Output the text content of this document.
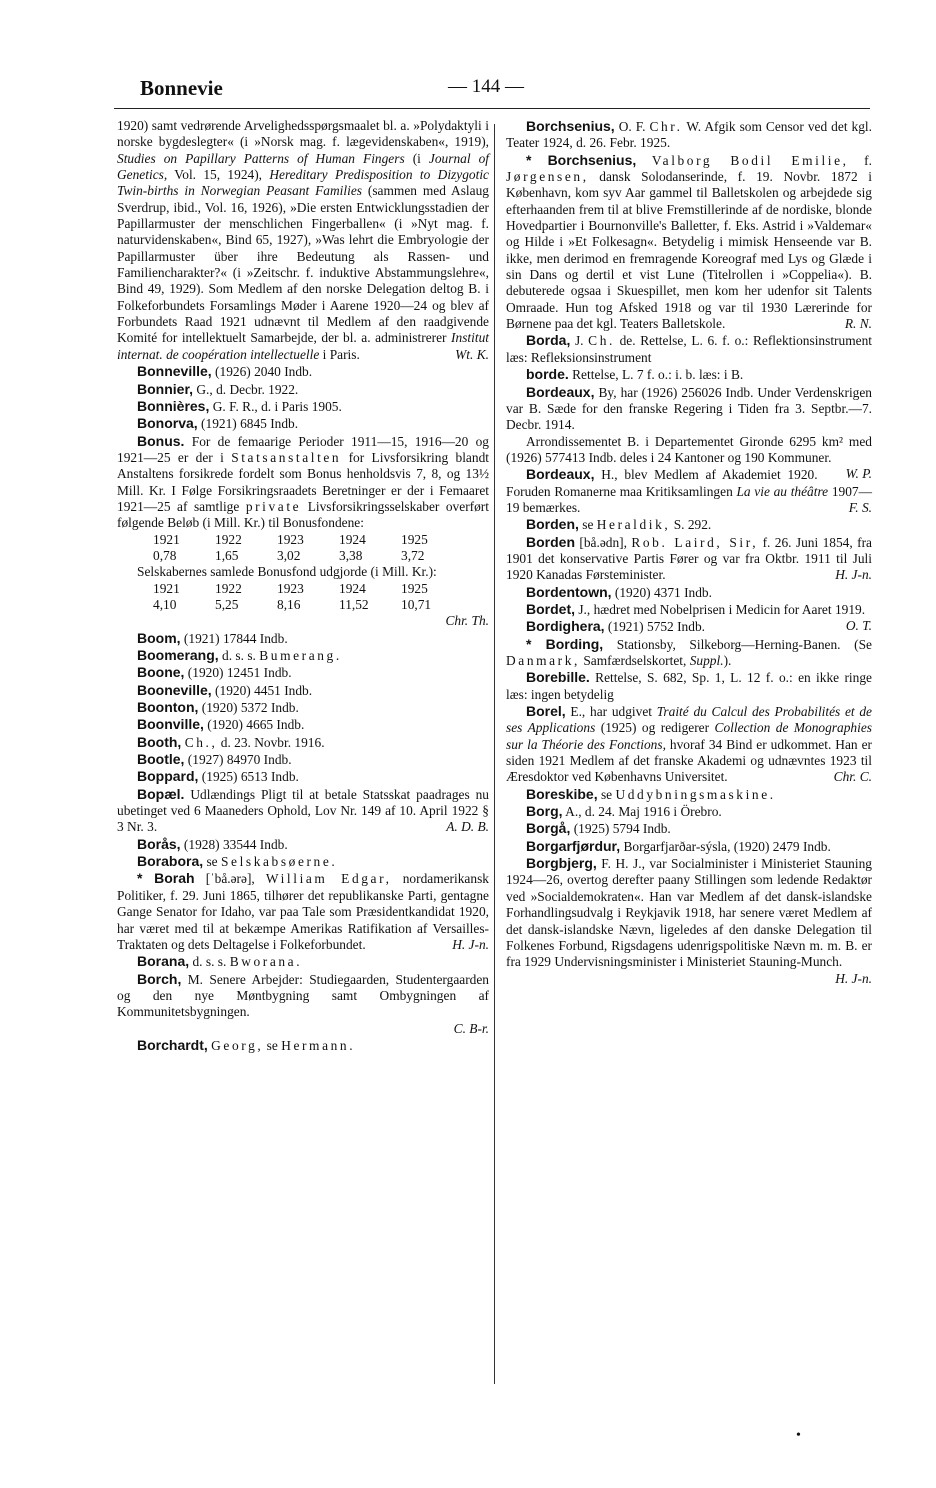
Bonnevie	— 144 —

1920) samt vedrørende Arvelighedsspørgsmaalet bl. a. »Polydaktyli i norske bygdeslegter« (i »Norsk mag. f. lægevidenskaben«, 1919), Studies on Papillary Patterns of Human Fingers (i Journal of Genetics, Vol. 15, 1924), Hereditary Predisposition to Dizygotic Twin-births in Norwegian Peasant Families (sammen med Aslaug Sverdrup, ibid., Vol. 16, 1926), »Die ersten Entwicklungsstadien der Papillarmuster der menschlichen Fingerballen« (i »Nyt mag. f. naturvidenskaben«, Bind 65, 1927), »Was lehrt die Embryologie der Papillarmuster über ihre Bedeutung als Rassen- und Familiencharakter?« (i »Zeitschr. f. induktive Abstammungslehre«, Bind 49, 1929). Som Medlem af den norske Delegation deltog B. i Folkeforbundets Forsamlings Møder i Aarene 1920—24 og blev af Forbundets Raad 1921 udnævnt til Medlem af den raadgivende Komité for intellektuelt Samarbejde, der bl. a. administrerer Institut internat. de coopération intellectuelle i Paris.	Wt. K.

Bonneville, (1926) 2040 Indb.

Bonnier, G., d. Decbr. 1922.

Bonnières, G. F. R., d. i Paris 1905.

Bonorva, (1921) 6845 Indb.

Bonus. For de femaarige Perioder 1911—15, 1916—20 og 1921—25 er der i Statsanstalten for Livsforsikring blandt Anstaltens forsikrede fordelt som Bonus henholdsvis 7, 8, og 13½ Mill. Kr. I Følge Forsikringsraadets Beretninger er der i Femaaret 1921—25 af samtlige private Livsforsikringsselskaber overført følgende Beløb (i Mill. Kr.) til Bonusfondene:

1921	1922	1923	1924	1925
0,78	1,65	3,02	3,38	3,72

Selskabernes samlede Bonusfond udgjorde (i Mill. Kr.):

1921	1922	1923	1924	1925
4,10	5,25	8,16	11,52	10,71
Chr. Th.

Boom, (1921) 17844 Indb.

Boomerang, d. s. s. Bumerang.

Boone, (1920) 12451 Indb.

Booneville, (1920) 4451 Indb.

Boonton, (1920) 5372 Indb.

Boonville, (1920) 4665 Indb.

Booth, Ch., d. 23. Novbr. 1916.

Bootle, (1927) 84970 Indb.

Boppard, (1925) 6513 Indb.

Bopæl. Udlændings Pligt til at betale Statsskat paadrages nu ubetinget ved 6 Maaneders Ophold, Lov Nr. 149 af 10. April 1922 § 3 Nr. 3.	A. D. B.

Borås, (1928) 33544 Indb.

Borabora, se Selskabsøerne.

* Borah [ˈbå.ərə], William Edgar, nordamerikansk Politiker, f. 29. Juni 1865, tilhører det republikanske Parti, gentagne Gange Senator for Idaho, var paa Tale som Præsidentkandidat 1920, har været med til at bekæmpe Amerikas Ratifikation af Versailles-Traktaten og dets Deltagelse i Folkeforbundet.	H. J-n.

Borana, d. s. s. Bworana.

Borch, M. Senere Arbejder: Studiegaarden, Studentergaarden og den nye Møntbygning samt Ombygningen af Kommunitetsbygningen.

C. B-r.

Borchardt, Georg, se Hermann.

Borchsenius, O. F. Chr. W. Afgik som Censor ved det kgl. Teater 1924, d. 26. Febr. 1925.

* Borchsenius, Valborg Bodil Emilie, f. Jørgensen, dansk Solodanserinde, f. 19. Novbr. 1872 i København, kom syv Aar gammel til Balletskolen og arbejdede sig efterhaanden frem til at blive Fremstillerinde af de nordiske, blonde Hovedpartier i Bournonville's Balletter, f. Eks. Astrid i »Valdemar« og Hilde i »Et Folkesagn«. Betydelig i mimisk Henseende var B. ikke, men derimod en fremragende Koreograf med Lys og Glæde i sin Dans og dertil et vist Lune (Titelrollen i »Coppelia«). B. debuterede ogsaa i Skuespillet, men kom her udenfor sit Talents Omraade. Hun tog Afsked 1918 og var til 1930 Lærerinde for Børnene paa det kgl. Teaters Balletskole.	R. N.

Borda, J. Ch. de. Rettelse, L. 6. f. o.: Reflektionsinstrument læs: Refleksionsinstrument

borde. Rettelse, L. 7 f. o.: i. b. læs: i B.

Bordeaux, By, har (1926) 256026 Indb. Under Verdenskrigen var B. Sæde for den franske Regering i Tiden fra 3. Septbr.—7. Decbr. 1914.

Arrondissementet B. i Departementet Gironde 6295 km² med (1926) 577413 Indb. deles i 24 Kantoner og 190 Kommuner.
W. P.

Bordeaux, H., blev Medlem af Akademiet 1920. Foruden Romanerne maa Kritiksamlingen La vie au théâtre 1907—19 bemærkes.	F. S.

Borden, se Heraldik, S. 292.

Borden [bå.ədn], Rob. Laird, Sir, f. 26. Juni 1854, fra 1901 det konservative Partis Fører og var fra Oktbr. 1911 til Juli 1920 Kanadas Førsteminister.	H. J-n.

Bordentown, (1920) 4371 Indb.

Bordet, J., hædret med Nobelprisen i Medicin for Aaret 1919.
O. T.

Bordighera, (1921) 5752 Indb.

* Bording, Stationsby, Silkeborg—Herning-Banen. (Se Danmark, Samfærdselskortet, Suppl.).

Borebille. Rettelse, S. 682, Sp. 1, L. 12 f. o.: en ikke ringe læs: ingen betydelig

Borel, E., har udgivet Traité du Calcul des Probabilités et de ses Applications (1925) og redigerer Collection de Monographies sur la Théorie des Fonctions, hvoraf 34 Bind er udkommet. Han er siden 1921 Medlem af det franske Akademi og udnævntes 1923 til Æresdoktor ved Københavns Universitet.	Chr. C.

Boreskibe, se Uddybningsmaskine.

Borg, A., d. 24. Maj 1916 i Örebro.

Borgå, (1925) 5794 Indb.

Borgarfjørdur, Borgarfjarðar-sýsla, (1920) 2479 Indb.

Borgbjerg, F. H. J., var Socialminister i Ministeriet Stauning 1924—26, overtog derefter paany Stillingen som ledende Redaktør ved »Socialdemokraten«. Han var Medlem af det dansk-islandske Forhandlingsudvalg i Reykjavik 1918, har senere været Medlem af det dansk-islandske Nævn, ligeledes af den danske Delegation til Folkenes Forbund, Rigsdagens udenrigspolitiske Nævn m. m. B. er fra 1929 Undervisningsminister i Ministeriet Stauning-Munch.
H. J-n.

•
